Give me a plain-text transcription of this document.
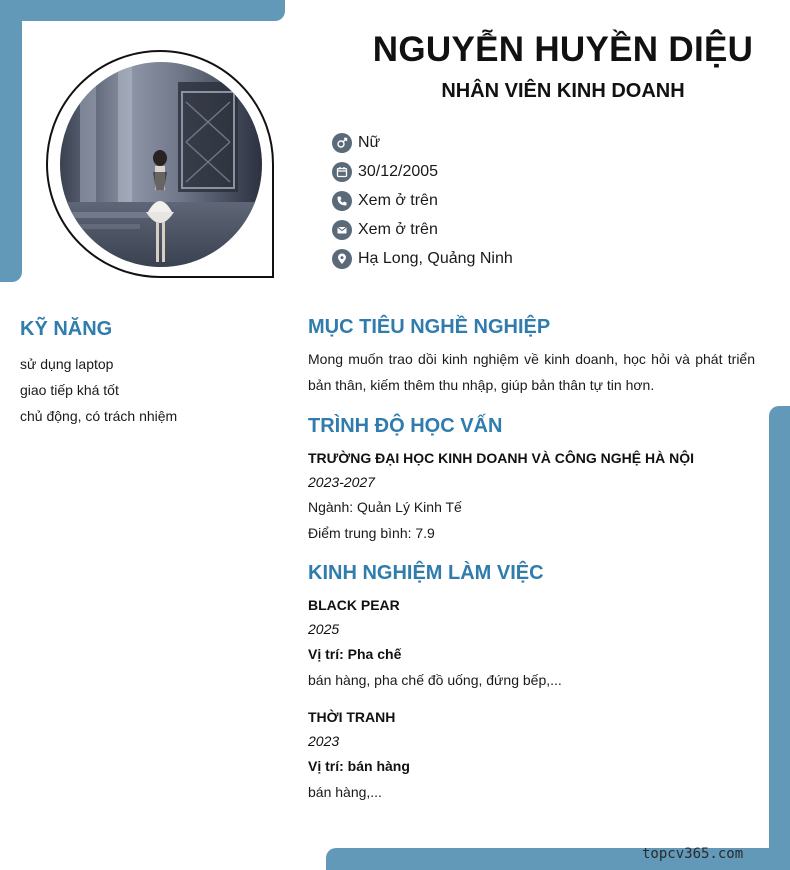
NGUYỄN HUYỀN DIỆU
NHÂN VIÊN KINH DOANH
Nữ
30/12/2005
Xem ở trên
Xem ở trên
Hạ Long, Quảng Ninh
KỸ NĂNG
sử dụng laptop
giao tiếp khá tốt
chủ động, có trách nhiệm
MỤC TIÊU NGHỀ NGHIỆP
Mong muốn trao dồi kinh nghiệm về kinh doanh, học hỏi và phát triển bản thân, kiếm thêm thu nhập, giúp bản thân tự tin hơn.
TRÌNH ĐỘ HỌC VẤN
TRƯỜNG ĐẠI HỌC KINH DOANH VÀ CÔNG NGHỆ HÀ NỘI
2023-2027
Ngành: Quản Lý Kinh Tế
Điểm trung bình: 7.9
KINH NGHIỆM LÀM VIỆC
BLACK PEAR
2025
Vị trí: Pha chế
bán hàng, pha chế đồ uống, đứng bếp,...
THỜI TRANH
2023
Vị trí: bán hàng
bán hàng,...
topcv365.com
